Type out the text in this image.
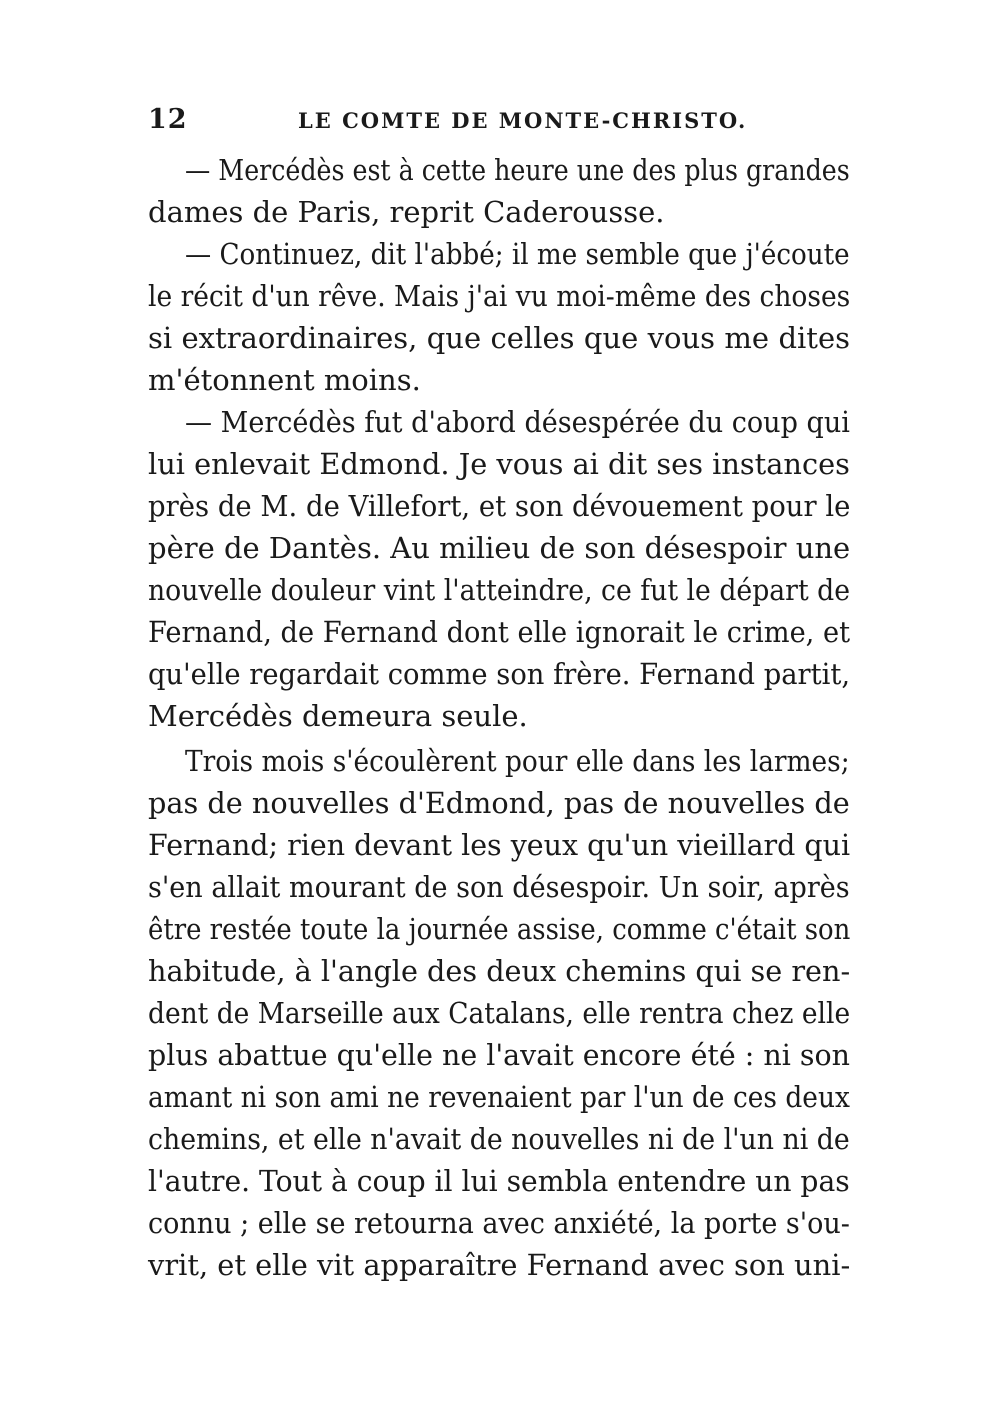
12	LE COMTE DE MONTE-CHRISTO.
— Mercédès est à cette heure une des plus grandes
dames de Paris, reprit Caderousse.
— Continuez, dit l'abbé; il me semble que j'écoute
le récit d'un rêve. Mais j'ai vu moi-même des choses
si extraordinaires, que celles que vous me dites
m'étonnent moins.
— Mercédès fut d'abord désespérée du coup qui
lui enlevait Edmond. Je vous ai dit ses instances
près de M. de Villefort, et son dévouement pour le
père de Dantès. Au milieu de son désespoir une
nouvelle douleur vint l'atteindre, ce fut le départ de
Fernand, de Fernand dont elle ignorait le crime, et
qu'elle regardait comme son frère. Fernand partit,
Mercédès demeura seule.
Trois mois s'écoulèrent pour elle dans les larmes;
pas de nouvelles d'Edmond, pas de nouvelles de
Fernand; rien devant les yeux qu'un vieillard qui
s'en allait mourant de son désespoir. Un soir, après
être restée toute la journée assise, comme c'était son
habitude, à l'angle des deux chemins qui se ren-
dent de Marseille aux Catalans, elle rentra chez elle
plus abattue qu'elle ne l'avait encore été : ni son
amant ni son ami ne revenaient par l'un de ces deux
chemins, et elle n'avait de nouvelles ni de l'un ni de
l'autre. Tout à coup il lui sembla entendre un pas
connu ; elle se retourna avec anxiété, la porte s'ou-
vrit, et elle vit apparaître Fernand avec son uni-
